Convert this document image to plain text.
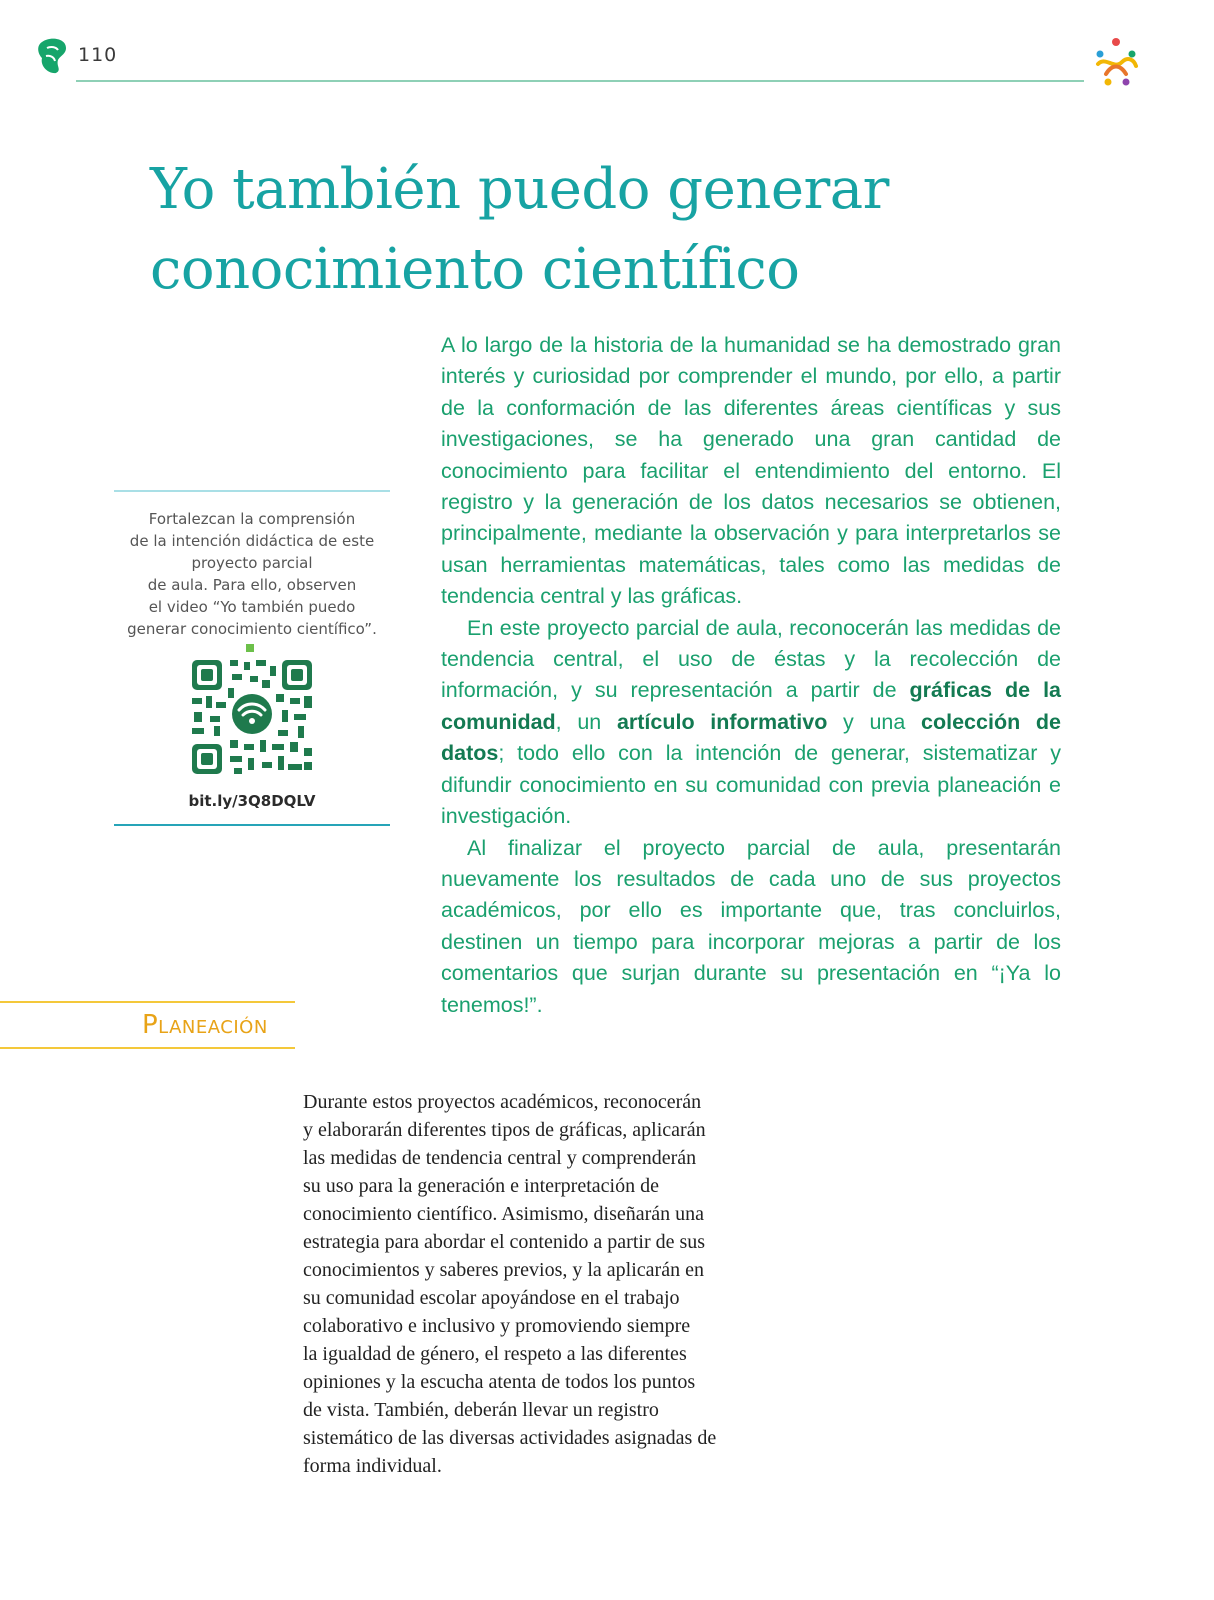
110
Yo también puedo generar
conocimiento científico
Fortalezcan la comprensión
de la intención didáctica de este
proyecto parcial
de aula. Para ello, observen
el video “Yo también puedo
generar conocimiento científico”.
bit.ly/3Q8DQLV

A lo largo de la historia de la humanidad se ha demostrado gran interés y curiosidad por comprender el mundo, por ello, a partir de la conformación de las diferentes áreas científicas y sus investigaciones, se ha generado una gran cantidad de conocimiento para facilitar el entendimiento del entorno. El registro y la generación de los datos necesarios se obtienen, principalmente, mediante la observación y para interpretarlos se usan herramientas matemáticas, tales como las medidas de tendencia central y las gráficas.

En este proyecto parcial de aula, reconocerán las medidas de tendencia central, el uso de éstas y la recolección de información, y su representación a partir de gráficas de la comunidad, un artículo informativo y una colección de datos; todo ello con la intención de generar, sistematizar y difundir conocimiento en su comunidad con previa planeación e investigación.

Al finalizar el proyecto parcial de aula, presentarán nuevamente los resultados de cada uno de sus proyectos académicos, por ello es importante que, tras concluirlos, destinen un tiempo para incorporar mejoras a partir de los comentarios que surjan durante su presentación en “¡Ya lo tenemos!”.

Planeación
Durante estos proyectos académicos, reconocerán
y elaborarán diferentes tipos de gráficas, aplicarán
las medidas de tendencia central y comprenderán
su uso para la generación e interpretación de
conocimiento científico. Asimismo, diseñarán una
estrategia para abordar el contenido a partir de sus
conocimientos y saberes previos, y la aplicarán en
su comunidad escolar apoyándose en el trabajo
colaborativo e inclusivo y promoviendo siempre
la igualdad de género, el respeto a las diferentes
opiniones y la escucha atenta de todos los puntos
de vista. También, deberán llevar un registro
sistemático de las diversas actividades asignadas de
forma individual.
